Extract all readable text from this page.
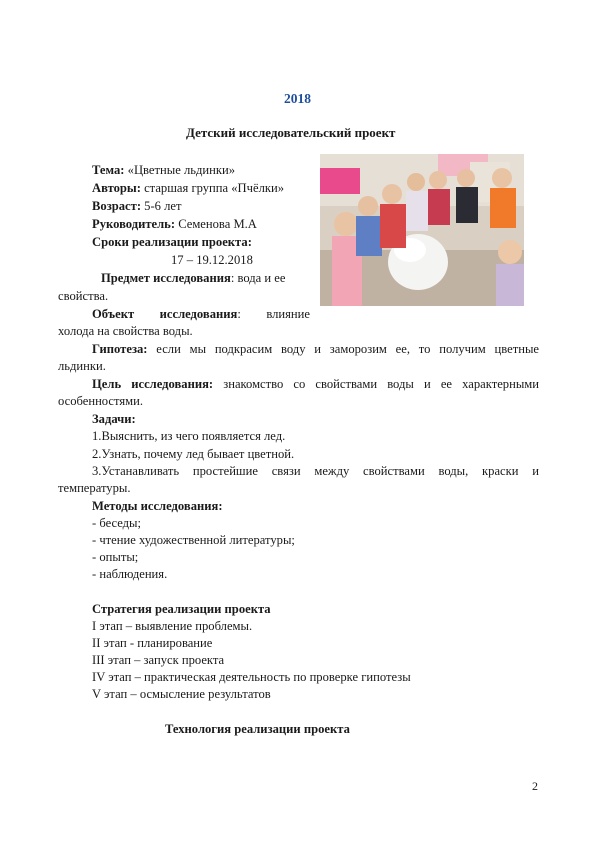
2018
Детский исследовательский проект
Тема: «Цветные льдинки»
Авторы: старшая группа «Пчёлки»
Возраст: 5-6 лет
Руководитель: Семенова М.А
Сроки реализации проекта:
17 – 19.12.2018
Предмет исследования: вода и ее
свойства.
Объект исследования: влияние
холода на свойства воды.
Гипотеза: если мы подкрасим воду и заморозим ее, то получим цветные
льдинки.
Цель исследования: знакомство со свойствами воды и ее характерными
особенностями.
Задачи:
1.Выяснить, из чего появляется лед.
2.Узнать, почему лед бывает цветной.
3.Устанавливать простейшие связи между свойствами воды, краски и
температуры.
Методы исследования:
- беседы;
- чтение художественной литературы;
- опыты;
- наблюдения.
Стратегия реализации проекта
I этап – выявление проблемы.
II этап - планирование
III этап – запуск проекта
IV этап – практическая деятельность по проверке гипотезы
V этап – осмысление результатов
Технология реализации проекта
2
